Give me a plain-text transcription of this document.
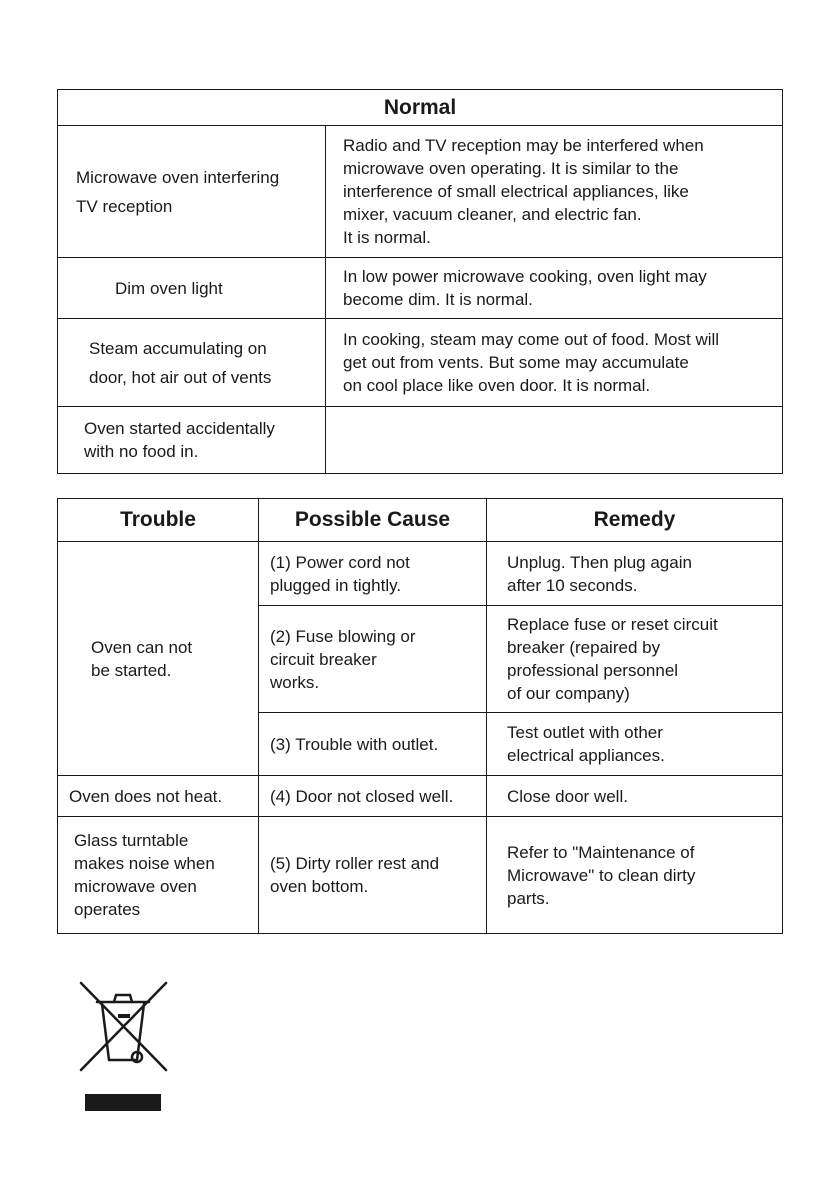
Normal	
Microwave oven interfering
TV reception	Radio and TV reception may be interfered when
microwave oven operating. It is similar to the
interference of small electrical appliances, like
mixer, vacuum cleaner, and electric fan.
It is normal.
Dim oven light	In low power microwave cooking, oven light may
become dim. It is normal.
Steam accumulating on
door, hot air out of vents	In cooking, steam may come out of food. Most will
get out from vents. But some may accumulate
on cool place like oven door. It is normal.
Oven started accidentally
with no food in.	
Trouble	Possible Cause	Remedy
Oven can not
be started.	(1) Power cord not
plugged in tightly.	Unplug. Then plug again
after 10 seconds.
	(2) Fuse blowing or
circuit breaker
works.	Replace fuse or reset circuit
breaker (repaired by
professional personnel
of our company)
	(3) Trouble with outlet.	Test outlet with other
electrical appliances.
Oven does not heat.	(4) Door not closed well.	Close door well.
Glass turntable
makes noise when
microwave oven
operates	(5) Dirty roller rest and
oven bottom.	Refer to "Maintenance of
Microwave" to clean dirty
parts.
